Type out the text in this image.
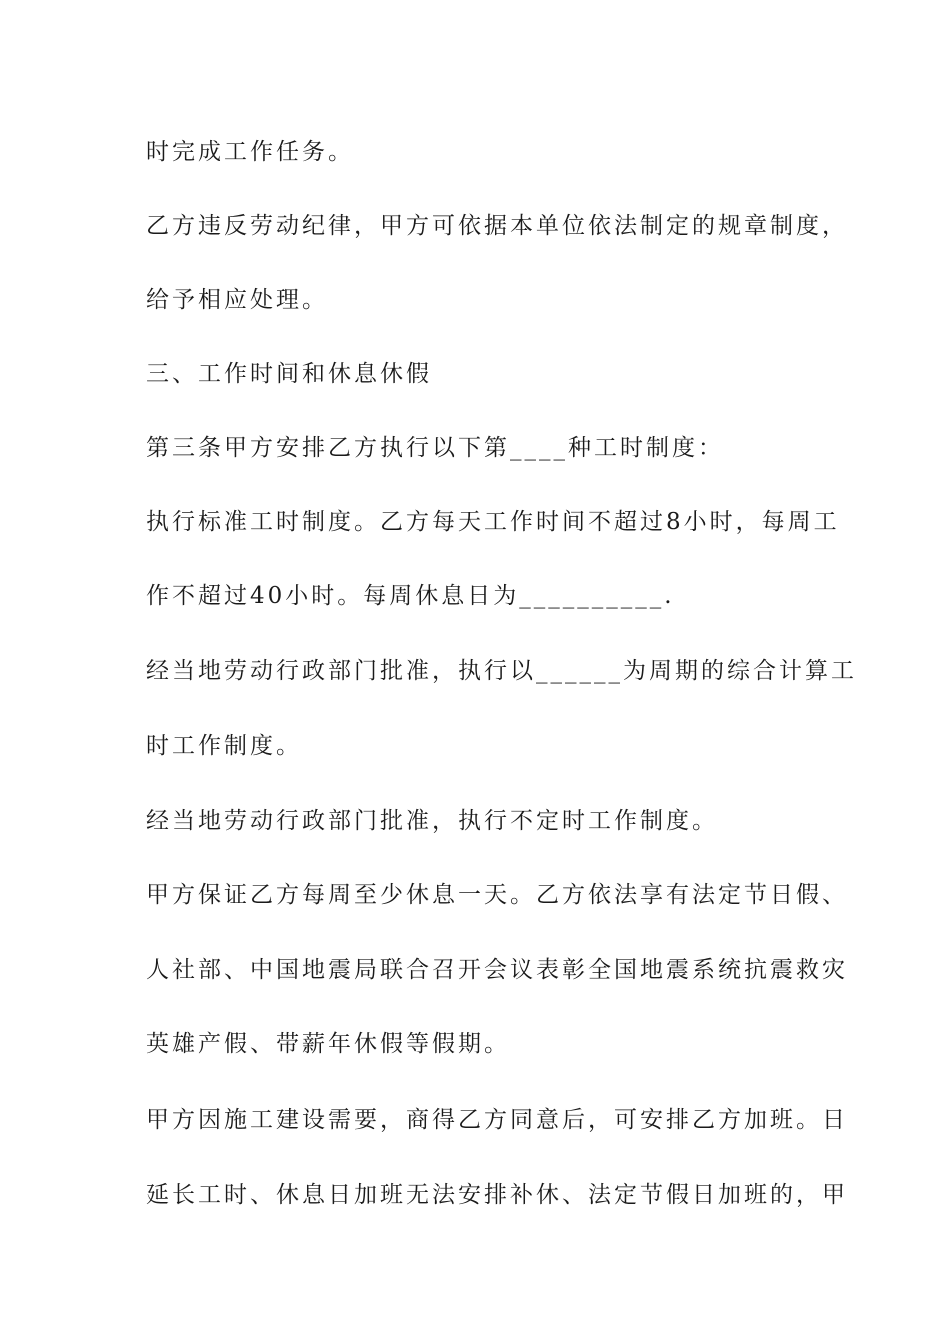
时完成工作任务。
乙方违反劳动纪律，甲方可依据本单位依法制定的规章制度，
给予相应处理。
三、工作时间和休息休假
第三条甲方安排乙方执行以下第____种工时制度：
执行标准工时制度。乙方每天工作时间不超过8小时，每周工
作不超过40小时。每周休息日为__________.
经当地劳动行政部门批准，执行以______为周期的综合计算工
时工作制度。
经当地劳动行政部门批准，执行不定时工作制度。
甲方保证乙方每周至少休息一天。乙方依法享有法定节日假、
人社部、中国地震局联合召开会议表彰全国地震系统抗震救灾
英雄产假、带薪年休假等假期。
甲方因施工建设需要，商得乙方同意后，可安排乙方加班。日
延长工时、休息日加班无法安排补休、法定节假日加班的，甲
